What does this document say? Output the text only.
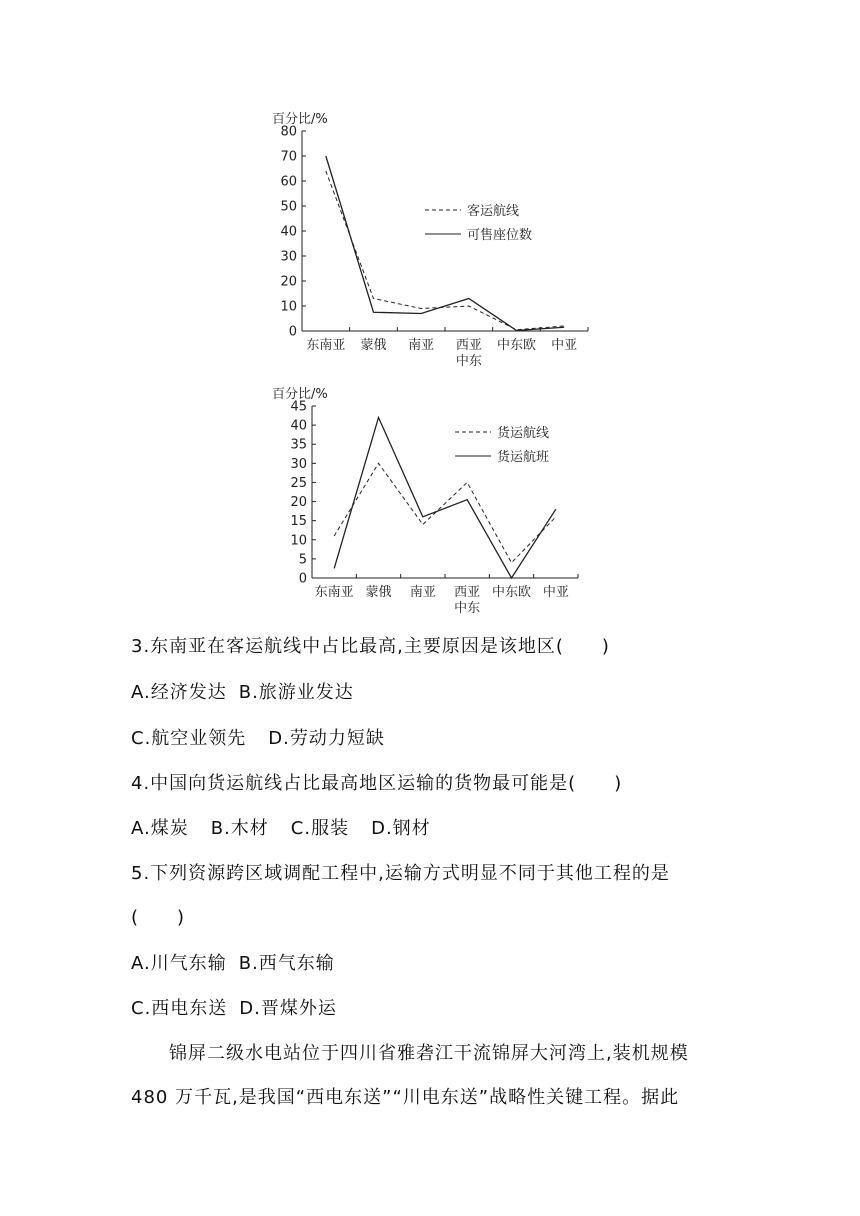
百分比/%
0
10
20
30
40
50
60
70
80
东南亚 蒙俄 南亚 西亚
中东
中东欧 中亚
客运航线
可售座位数
百分比/%
0
5
10
15
20
25
30
35
40
45
东南亚 蒙俄 南亚 西亚
中东
中东欧 中亚
货运航线
货运航班
3.东南亚在客运航线中占比最高,主要原因是该地区(　　)
A.经济发达 B.旅游业发达
C.航空业领先 D.劳动力短缺
4.中国向货运航线占比最高地区运输的货物最可能是(　　)
A.煤炭 B.木材 C.服装 D.钢材
5.下列资源跨区域调配工程中,运输方式明显不同于其他工程的是
(　　)
A.川气东输 B.西气东输
C.西电东送 D.晋煤外运
　　锦屏二级水电站位于四川省雅砻江干流锦屏大河湾上,装机规模
480 万千瓦,是我国“西电东送”“川电东送”战略性关键工程。据此
